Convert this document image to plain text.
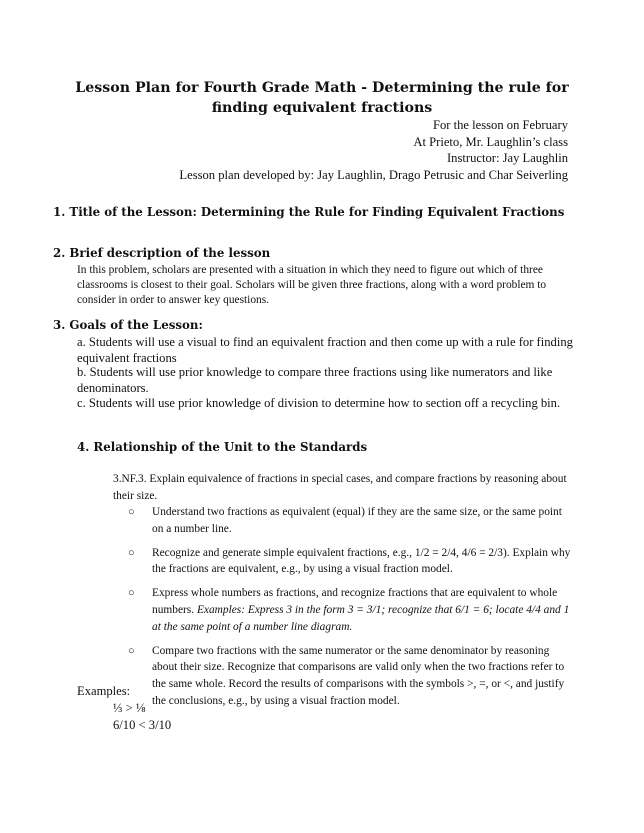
Lesson Plan for Fourth Grade Math - Determining the rule for finding equivalent fractions
For the lesson on February
At Prieto, Mr. Laughlin’s class
Instructor: Jay Laughlin
Lesson plan developed by: Jay Laughlin, Drago Petrusic and Char Seiverling
1. Title of the Lesson: Determining the Rule for Finding Equivalent Fractions
2. Brief description of the lesson
In this problem, scholars are presented with a situation in which they need to figure out which of three classrooms is closest to their goal. Scholars will be given three fractions, along with a word problem to consider in order to answer key questions.
3. Goals of the Lesson:
a. Students will use a visual to find an equivalent fraction and then come up with a rule for finding equivalent fractions
b. Students will use prior knowledge to compare three fractions using like numerators and like denominators.
c. Students will use prior knowledge of division to determine how to section off a recycling bin.
4. Relationship of the Unit to the Standards
3.NF.3. Explain equivalence of fractions in special cases, and compare fractions by reasoning about their size.
○ Understand two fractions as equivalent (equal) if they are the same size, or the same point on a number line.
○ Recognize and generate simple equivalent fractions, e.g., 1/2 = 2/4, 4/6 = 2/3). Explain why the fractions are equivalent, e.g., by using a visual fraction model.
○ Express whole numbers as fractions, and recognize fractions that are equivalent to whole numbers. Examples: Express 3 in the form 3 = 3/1; recognize that 6/1 = 6; locate 4/4 and 1 at the same point of a number line diagram.
○ Compare two fractions with the same numerator or the same denominator by reasoning about their size. Recognize that comparisons are valid only when the two fractions refer to the same whole. Record the results of comparisons with the symbols >, =, or <, and justify the conclusions, e.g., by using a visual fraction model.
Examples:
⅓ > ⅛
6/10 < 3/10
